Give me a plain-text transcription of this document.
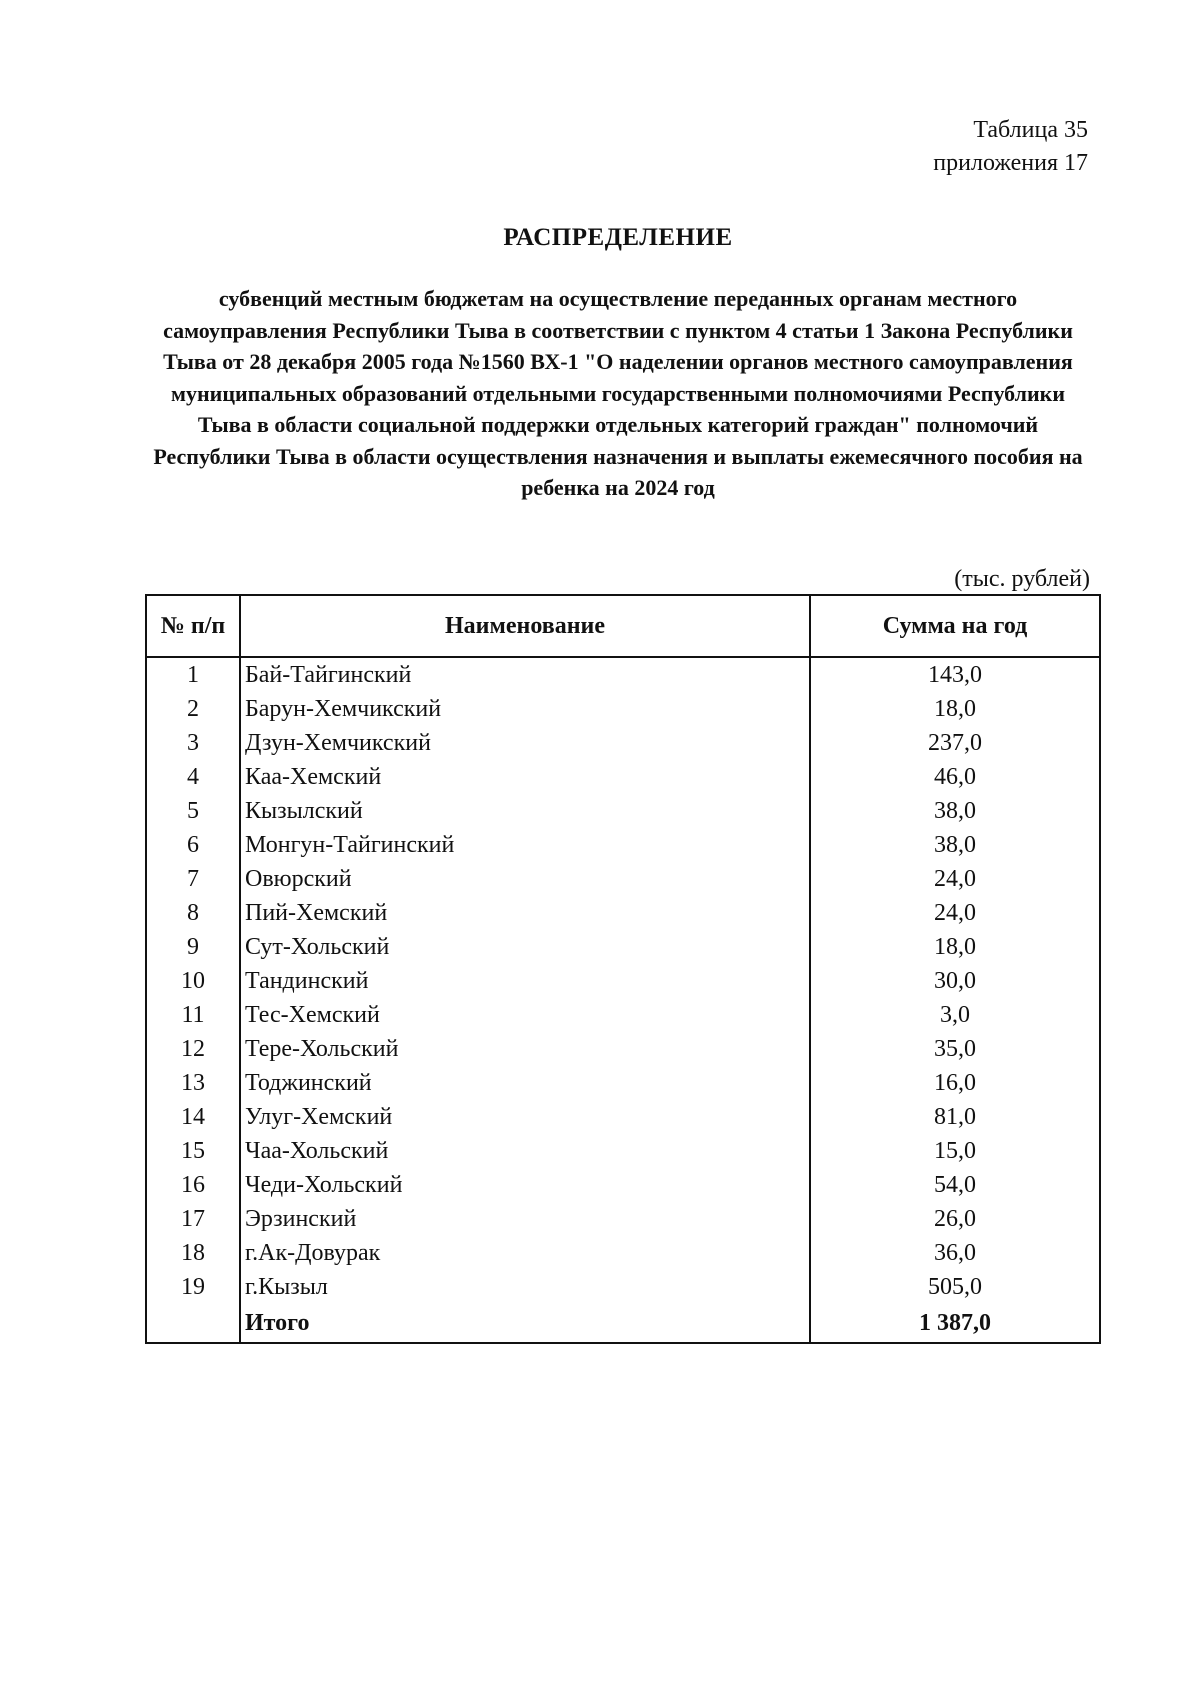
Таблица 35
приложения 17
РАСПРЕДЕЛЕНИЕ
субвенций местным бюджетам на осуществление переданных органам местного самоуправления Республики Тыва в соответствии с пунктом 4 статьи 1 Закона Республики Тыва от 28 декабря 2005 года №1560 ВХ-1 "О наделении органов местного самоуправления муниципальных образований отдельными государственными полномочиями Республики Тыва в области социальной поддержки отдельных категорий граждан" полномочий Республики Тыва в области осуществления назначения и выплаты ежемесячного пособия на ребенка на 2024 год
(тыс. рублей)
№ п/п	Наименование	Сумма на год
1	Бай-Тайгинский	143,0
2	Барун-Хемчикский	18,0
3	Дзун-Хемчикский	237,0
4	Каа-Хемский	46,0
5	Кызылский	38,0
6	Монгун-Тайгинский	38,0
7	Овюрский	24,0
8	Пий-Хемский	24,0
9	Сут-Хольский	18,0
10	Тандинский	30,0
11	Тес-Хемский	3,0
12	Тере-Хольский	35,0
13	Тоджинский	16,0
14	Улуг-Хемский	81,0
15	Чаа-Хольский	15,0
16	Чеди-Хольский	54,0
17	Эрзинский	26,0
18	г.Ак-Довурак	36,0
19	г.Кызыл	505,0
	Итого	1 387,0
